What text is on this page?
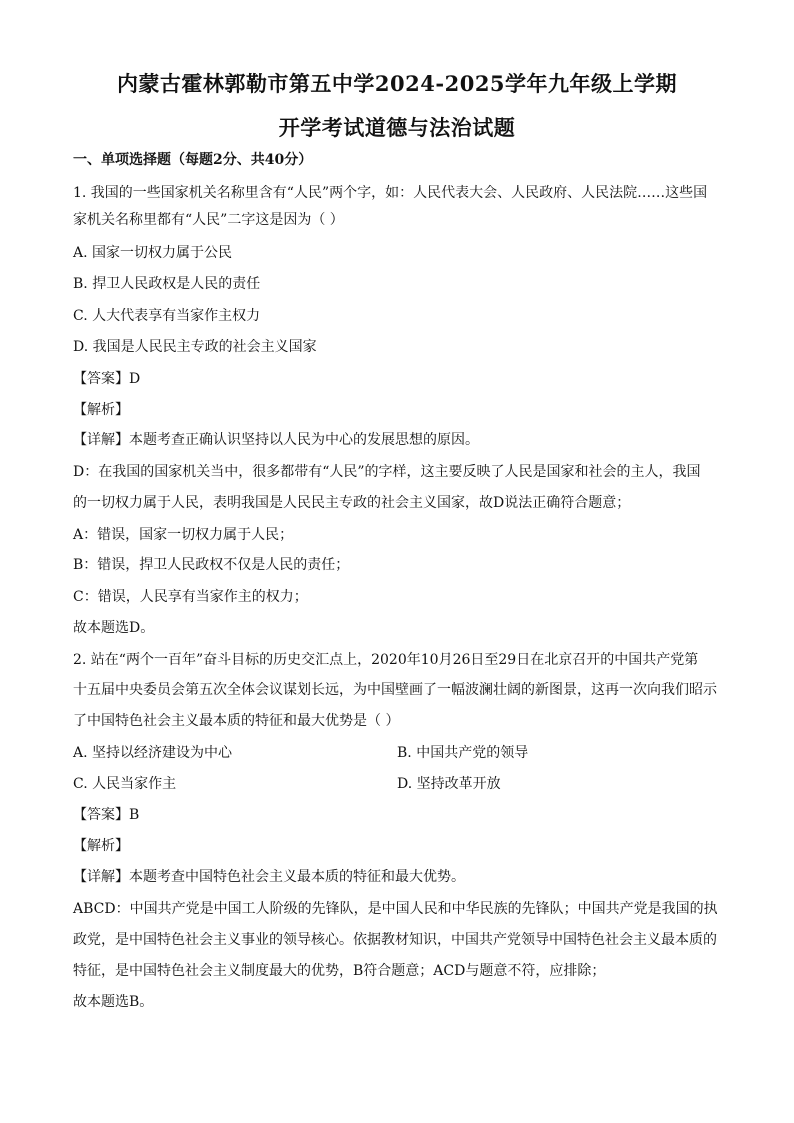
内蒙古霍林郭勒市第五中学2024-2025学年九年级上学期
开学考试道德与法治试题
一、单项选择题（每题2分、共40分）
1. 我国的一些国家机关名称里含有“人民”两个字，如：人民代表大会、人民政府、人民法院……这些国
家机关名称里都有“人民”二字这是因为（ ）
A. 国家一切权力属于公民
B. 捍卫人民政权是人民的责任
C. 人大代表享有当家作主权力
D. 我国是人民民主专政的社会主义国家
【答案】D
【解析】
【详解】本题考查正确认识坚持以人民为中心的发展思想的原因。
D：在我国的国家机关当中，很多都带有“人民”的字样，这主要反映了人民是国家和社会的主人，我国
的一切权力属于人民，表明我国是人民民主专政的社会主义国家，故D说法正确符合题意；
A：错误，国家一切权力属于人民；
B：错误，捍卫人民政权不仅是人民的责任；
C：错误，人民享有当家作主的权力；
故本题选D。
2. 站在“两个一百年”奋斗目标的历史交汇点上，2020年10月26日至29日在北京召开的中国共产党第
十五届中央委员会第五次全体会议谋划长远，为中国壁画了一幅波澜壮阔的新图景，这再一次向我们昭示
了中国特色社会主义最本质的特征和最大优势是（ ）
A. 坚持以经济建设为中心	B. 中国共产党的领导
C. 人民当家作主	D. 坚持改革开放
【答案】B
【解析】
【详解】本题考查中国特色社会主义最本质的特征和最大优势。
ABCD：中国共产党是中国工人阶级的先锋队，是中国人民和中华民族的先锋队；中国共产党是我国的执
政党，是中国特色社会主义事业的领导核心。依据教材知识，中国共产党领导中国特色社会主义最本质的
特征，是中国特色社会主义制度最大的优势，B符合题意；ACD与题意不符，应排除；
故本题选B。
